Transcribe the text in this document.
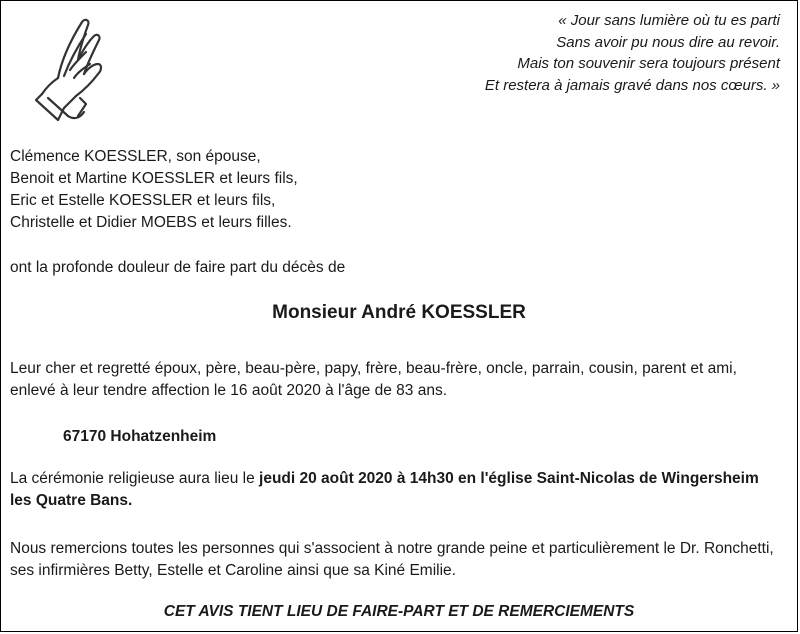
« Jour sans lumière où tu es parti
Sans avoir pu nous dire au revoir.
Mais ton souvenir sera toujours présent
Et restera à jamais gravé dans nos cœurs. »
Clémence KOESSLER, son épouse,
Benoit et Martine KOESSLER et leurs fils,
Eric et Estelle KOESSLER et leurs fils,
Christelle et Didier MOEBS et leurs filles.
ont la profonde douleur de faire part du décès de
Monsieur André KOESSLER
Leur cher et regretté époux, père, beau-père, papy, frère, beau-frère, oncle, parrain, cousin, parent et ami, enlevé à leur tendre affection le 16 août 2020 à l'âge de 83 ans.
67170 Hohatzenheim
La cérémonie religieuse aura lieu le jeudi 20 août 2020 à 14h30 en l'église Saint-Nicolas de Wingersheim les Quatre Bans.
Nous remercions toutes les personnes qui s'associent à notre grande peine et particulièrement le Dr. Ronchetti, ses infirmières Betty, Estelle et Caroline ainsi que sa Kiné Emilie.
CET AVIS TIENT LIEU DE FAIRE-PART ET DE REMERCIEMENTS
